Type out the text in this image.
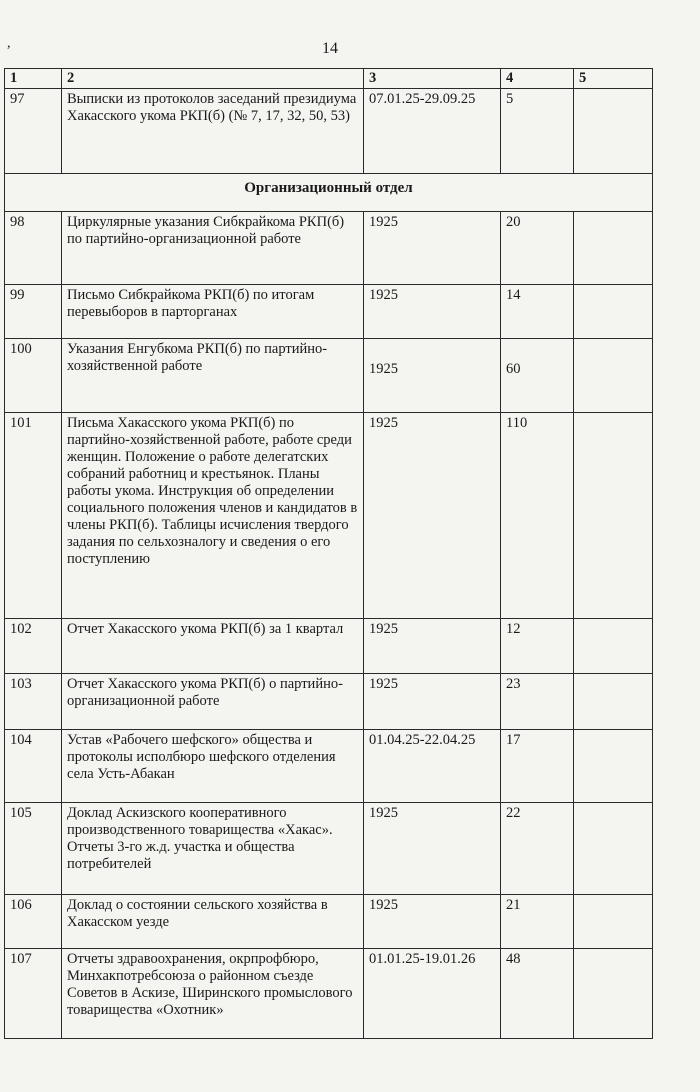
,	14
1	2	3	4	5
97	Выписки из протоколов заседаний президиума Хакасского укома РКП(б) (№ 7, 17, 32, 50, 53)	07.01.25-29.09.25	5	
Организационный отдел				
98	Циркулярные указания Сибкрайкома РКП(б) по партийно-организационной работе	1925	20	
99	Письмо Сибкрайкома РКП(б) по итогам перевыборов в парторганах	1925	14	
100	Указания Енгубкома РКП(б) по партийно-хозяйственной работе	1925	60	
101	Письма Хакасского укома РКП(б) по партийно-хозяйственной работе, работе среди женщин. Положение о работе делегатских собраний работниц и крестьянок. Планы работы укома. Инструкция об определении социального положения членов и кандидатов в члены РКП(б). Таблицы исчисления твердого задания по сельхозналогу и сведения о его поступлению	1925	110	
102	Отчет Хакасского укома РКП(б) за 1 квартал	1925	12	
103	Отчет Хакасского укома РКП(б) о партийно-организационной работе	1925	23	
104	Устав «Рабочего шефского» общества и протоколы исполбюро шефского отделения села Усть-Абакан	01.04.25-22.04.25	17	
105	Доклад Аскизского кооперативного производственного товарищества «Хакас». Отчеты 3-го ж.д. участка и общества потребителей	1925	22	
106	Доклад о состоянии сельского хозяйства в Хакасском уезде	1925	21	
107	Отчеты здравоохранения, окрпрофбюро, Минхакпотребсоюза о районном съезде Советов в Аскизе, Ширинского промыслового товарищества «Охотник»	01.01.25-19.01.26	48	
